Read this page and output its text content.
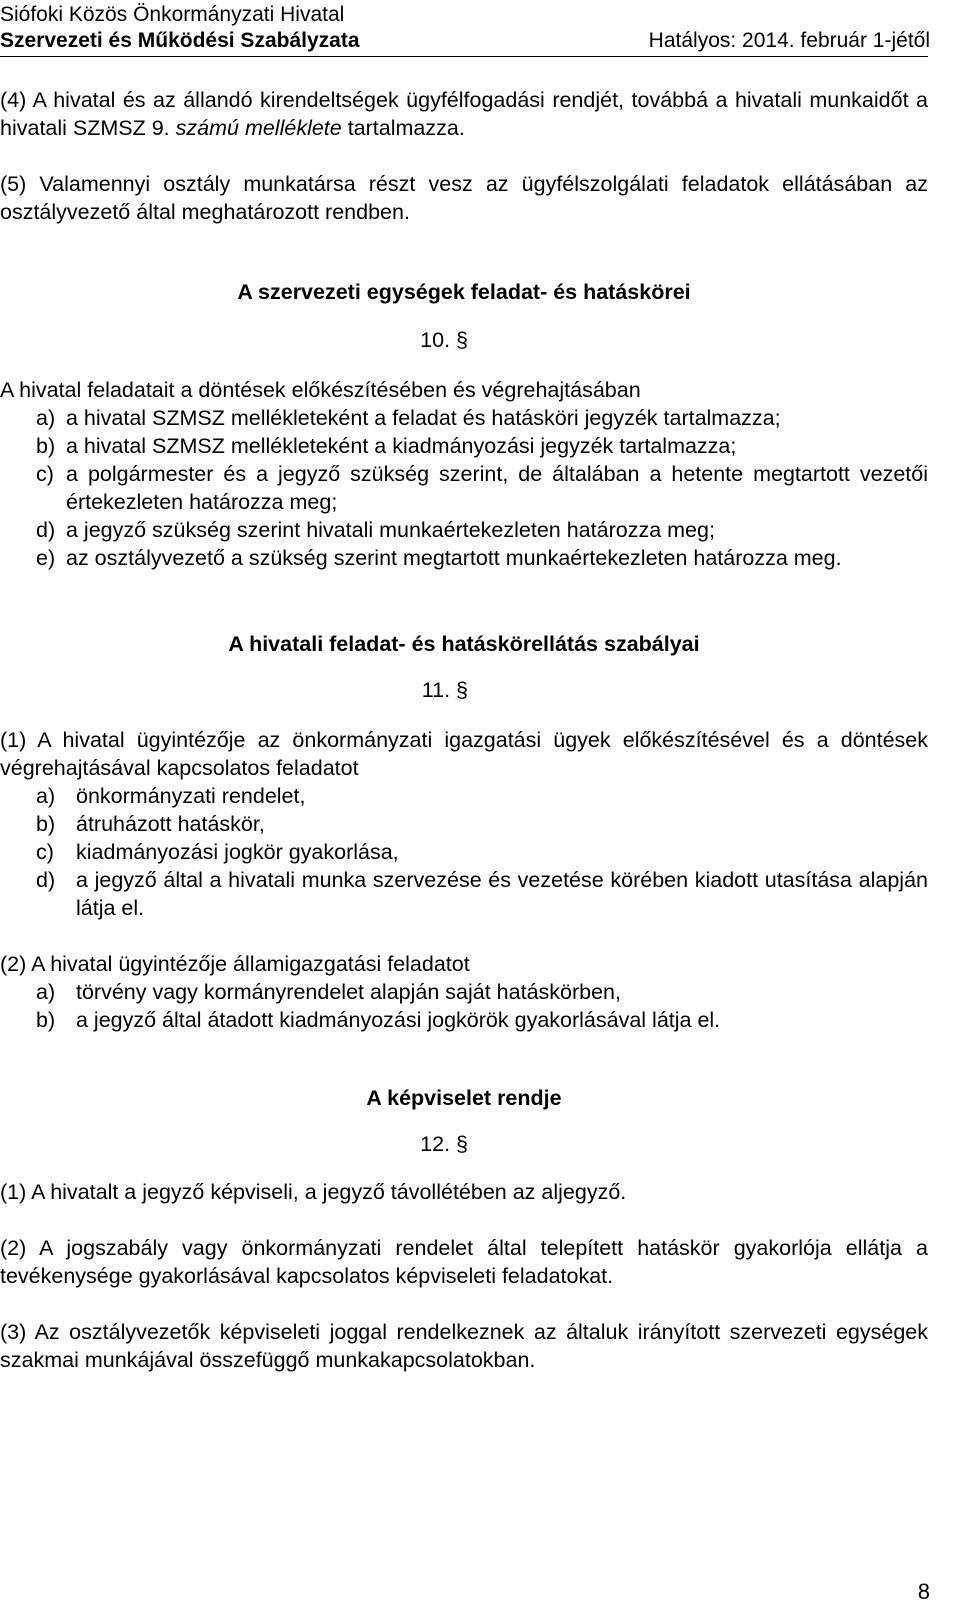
Siófoki Közös Önkormányzati Hivatal
Szervezeti és Működési Szabályzata	Hatályos: 2014. február 1-jétől

(4) A hivatal és az állandó kirendeltségek ügyfélfogadási rendjét, továbbá a hivatali munkaidőt a hivatali SZMSZ 9. számú melléklete tartalmazza.

(5) Valamennyi osztály munkatársa részt vesz az ügyfélszolgálati feladatok ellátásában az osztályvezető által meghatározott rendben.

A szervezeti egységek feladat- és hatáskörei

10. §

A hivatal feladatait a döntések előkészítésében és végrehajtásában

a) a hivatal SZMSZ mellékleteként a feladat és hatásköri jegyzék tartalmazza;
b) a hivatal SZMSZ mellékleteként a kiadmányozási jegyzék tartalmazza;
c) a polgármester és a jegyző szükség szerint, de általában a hetente megtartott vezetői értekezleten határozza meg;
d) a jegyző szükség szerint hivatali munkaértekezleten határozza meg;
e) az osztályvezető a szükség szerint megtartott munkaértekezleten határozza meg.

A hivatali feladat- és hatáskörellátás szabályai

11. §

(1) A hivatal ügyintézője az önkormányzati igazgatási ügyek előkészítésével és a döntések végrehajtásával kapcsolatos feladatot

a) önkormányzati rendelet,
b) átruházott hatáskör,
c)	kiadmányozási jogkör gyakorlása,
d) a jegyző által a hivatali munka szervezése és vezetése körében kiadott utasítása alapján látja el.

(2) A hivatal ügyintézője államigazgatási feladatot

a) törvény vagy kormányrendelet alapján saját hatáskörben,
b) a jegyző által átadott kiadmányozási jogkörök gyakorlásával látja el.

A képviselet rendje

12. §

(1) A hivatalt a jegyző képviseli, a jegyző távollétében az aljegyző.

(2) A jogszabály vagy önkormányzati rendelet által telepített hatáskör gyakorlója ellátja a tevékenysége gyakorlásával kapcsolatos képviseleti feladatokat.

(3) Az osztályvezetők képviseleti joggal rendelkeznek az általuk irányított szervezeti egységek szakmai munkájával összefüggő munkakapcsolatokban.

8
